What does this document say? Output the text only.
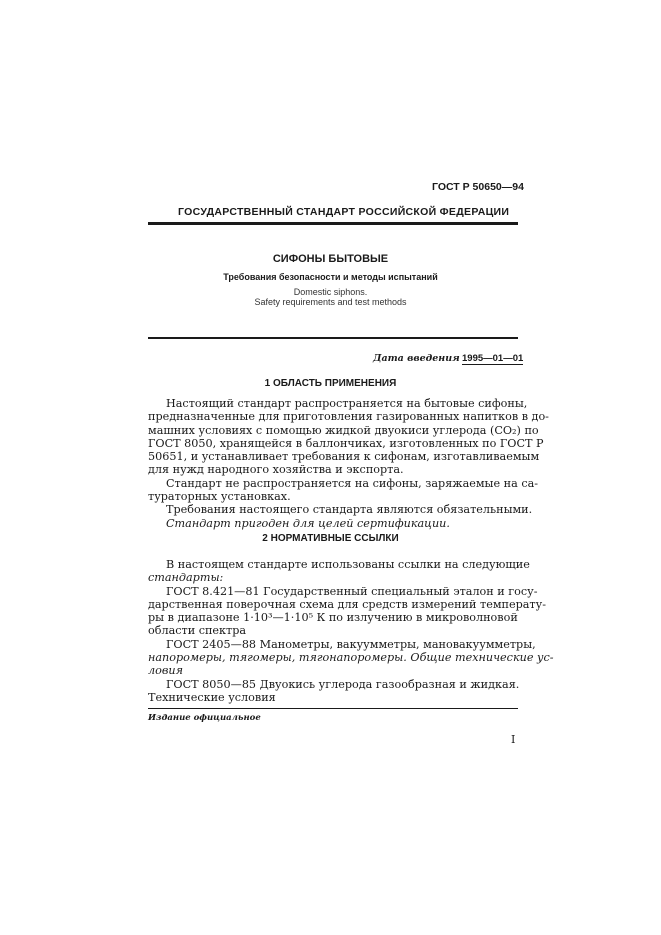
ГОСТ Р 50650—94
ГОСУДАРСТВЕННЫЙ СТАНДАРТ РОССИЙСКОЙ ФЕДЕРАЦИИ
СИФОНЫ БЫТОВЫЕ
Требования безопасности и методы испытаний
Domestic siphons.
Safety requirements and test methods
Дата введения 1995—01—01
1 ОБЛАСТЬ ПРИМЕНЕНИЯ
Настоящий стандарт распространяется на бытовые сифоны,
предназначенные для приготовления газированных напитков в до-
машних условиях с помощью жидкой двуокиси углерода (CO₂) по
ГОСТ 8050, хранящейся в баллончиках, изготовленных по ГОСТ Р
50651, и устанавливает требования к сифонам, изготавливаемым
для нужд народного хозяйства и экспорта.
Стандарт не распространяется на сифоны, заряжаемые на са-
тураторных установках.
Требования настоящего стандарта являются обязательными.
Стандарт пригоден для целей сертификации.
2 НОРМАТИВНЫЕ ССЫЛКИ
В настоящем стандарте использованы ссылки на следующие
стандарты:
ГОСТ 8.421—81 Государственный специальный эталон и госу-
дарственная поверочная схема для средств измерений температу-
ры в диапазоне 1·10³—1·10⁵ К по излучению в микроволновой
области спектра
ГОСТ 2405—88 Манометры, вакуумметры, мановакуумметры,
напоромеры, тягомеры, тягонапоромеры. Общие технические ус-
ловия
ГОСТ 8050—85 Двуокись углерода газообразная и жидкая.
Технические условия
Издание официальное
I
